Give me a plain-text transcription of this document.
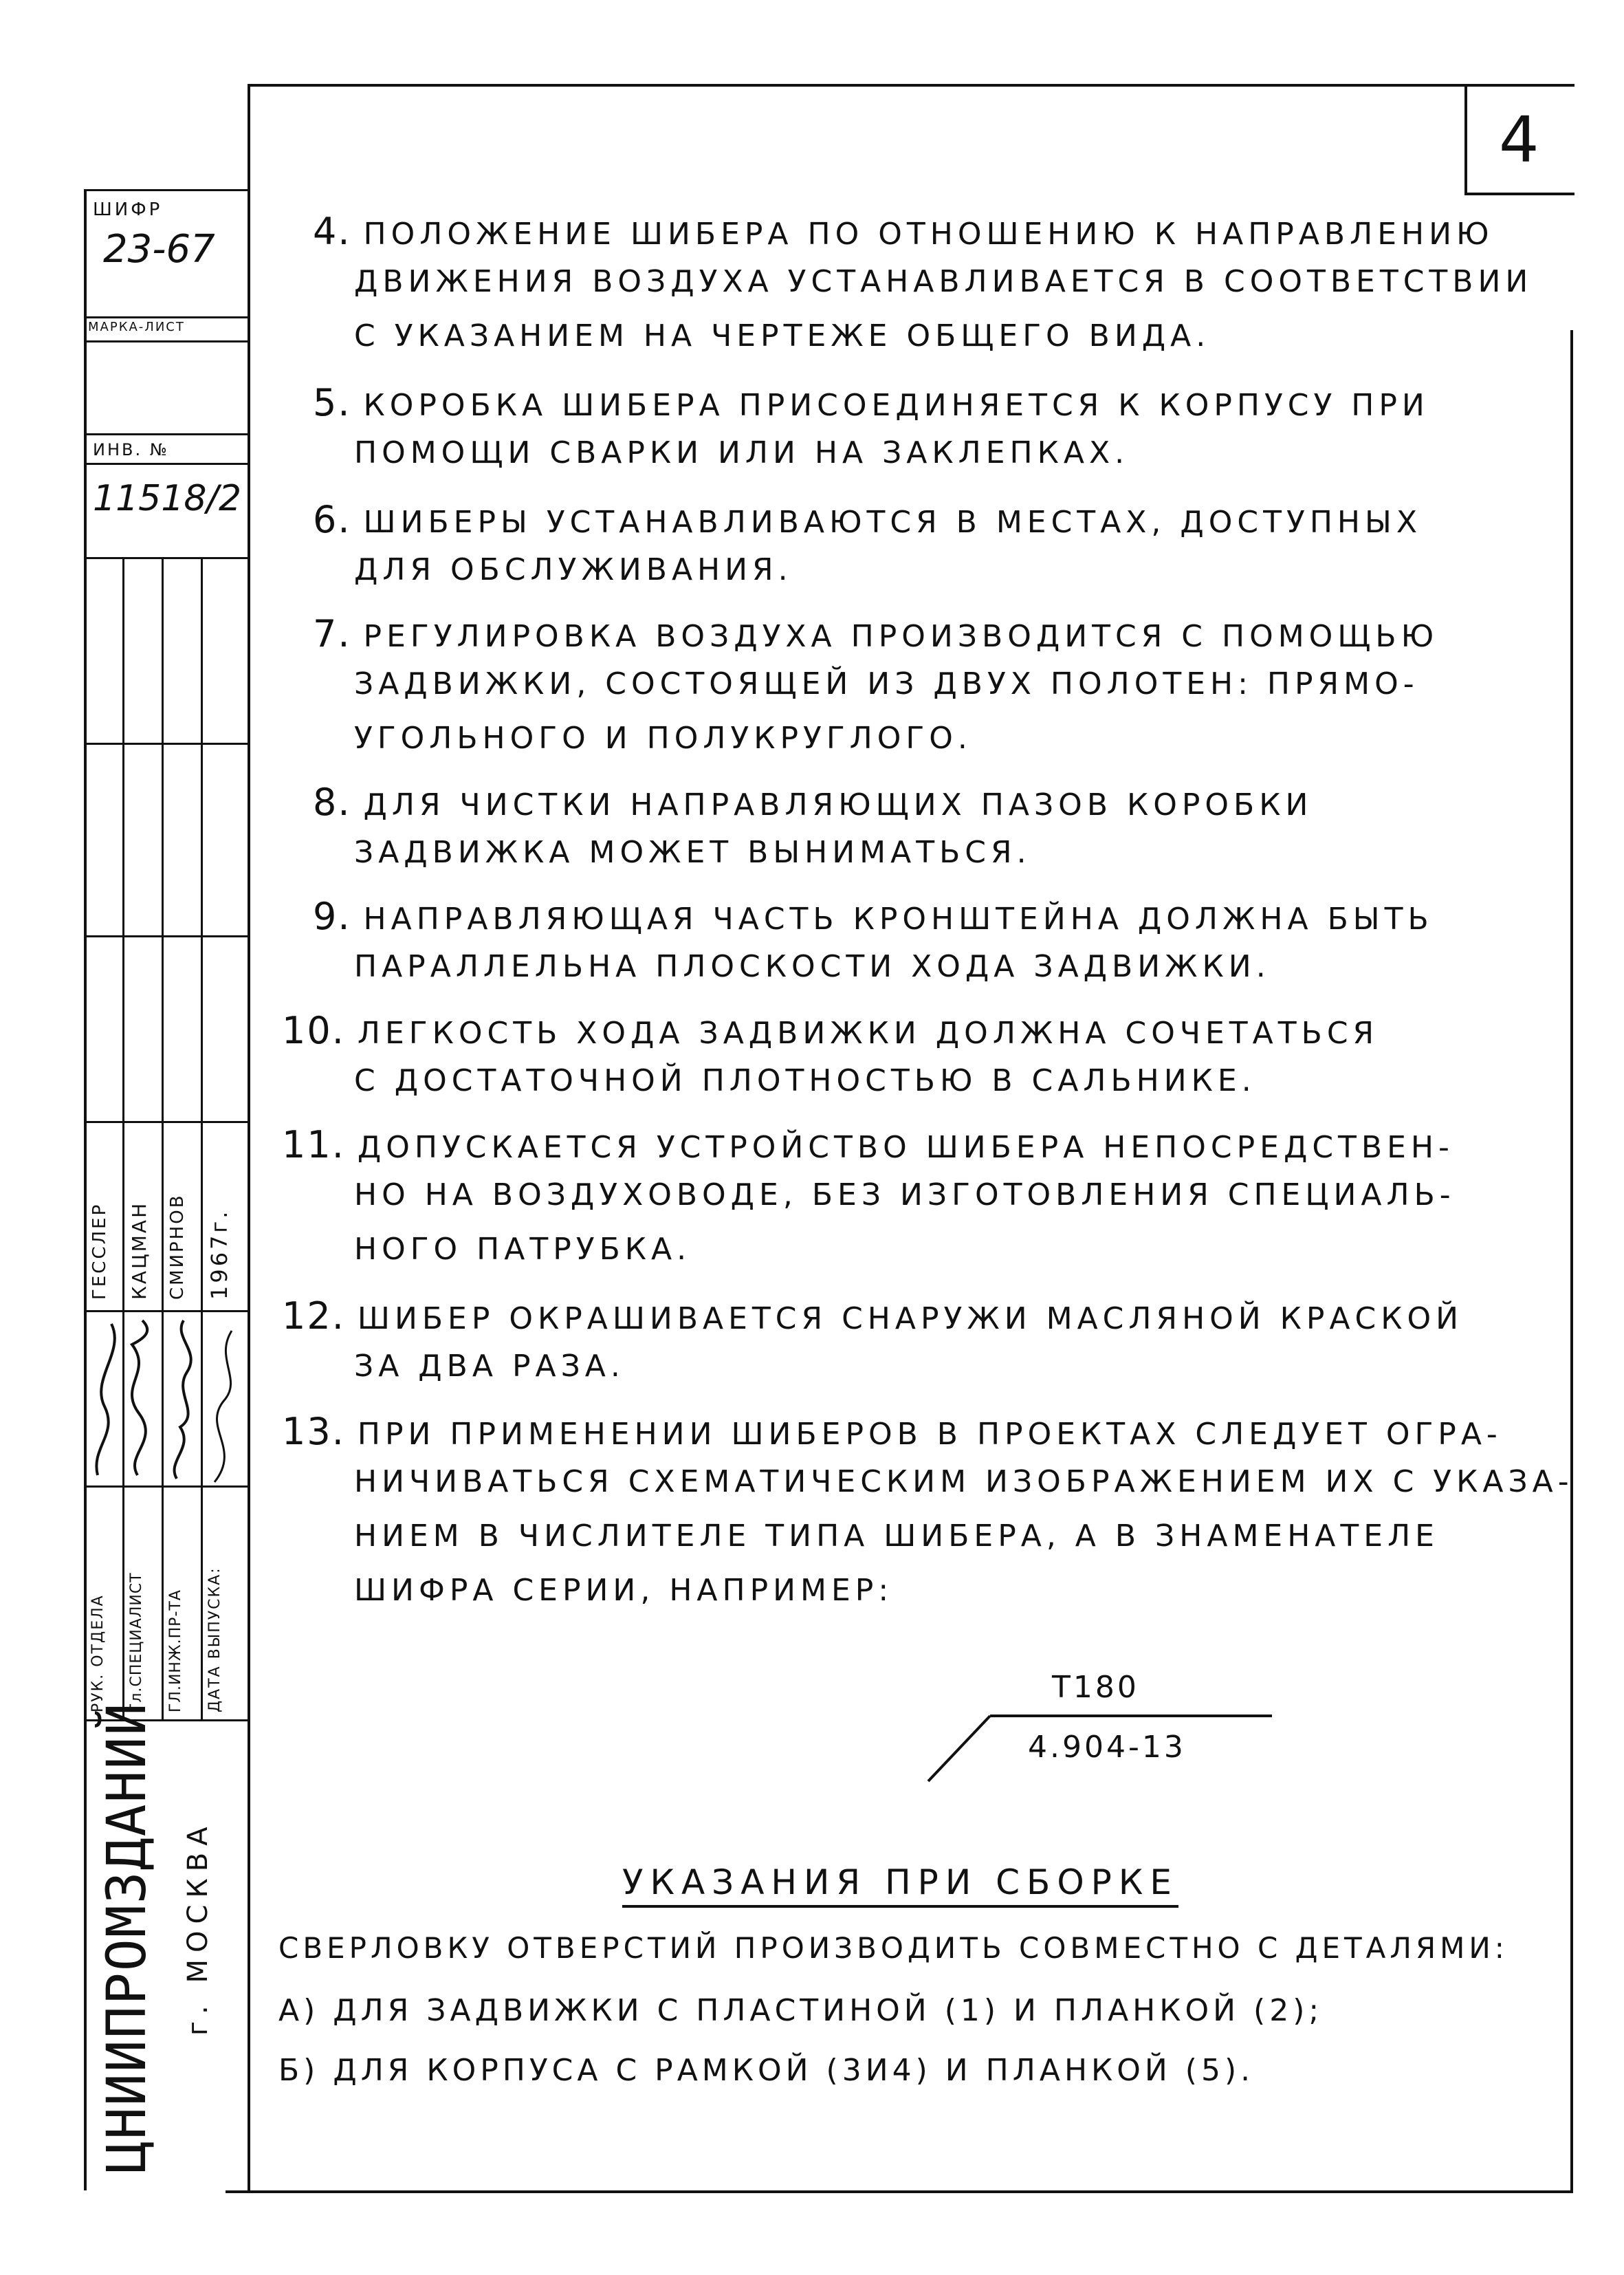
4
ШИФР
23-67
МАРКА-ЛИСТ
ИНВ. №
11518/2
РУК. ОТДЕЛА Гл.СПЕЦИАЛИСТ ГЛ.ИНЖ.ПР-ТА ДАТА ВЫПУСКА:
ГЕССЛЕР КАЦМАН СМИРНОВ 1967г.
ЦНИИПРОМЗДАНИЙ г. МОСКВА
4. ПОЛОЖЕНИЕ ШИБЕРА ПО ОТНОШЕНИЮ К НАПРАВЛЕНИЮ
ДВИЖЕНИЯ ВОЗДУХА УСТАНАВЛИВАЕТСЯ В СООТВЕТСТВИИ
С УКАЗАНИЕМ НА ЧЕРТЕЖЕ ОБЩЕГО ВИДА.
5. КОРОБКА ШИБЕРА ПРИСОЕДИНЯЕТСЯ К КОРПУСУ ПРИ
ПОМОЩИ СВАРКИ ИЛИ НА ЗАКЛЕПКАХ.
6. ШИБЕРЫ УСТАНАВЛИВАЮТСЯ В МЕСТАХ, ДОСТУПНЫХ
ДЛЯ ОБСЛУЖИВАНИЯ.
7. РЕГУЛИРОВКА ВОЗДУХА ПРОИЗВОДИТСЯ С ПОМОЩЬЮ
ЗАДВИЖКИ, СОСТОЯЩЕЙ ИЗ ДВУХ ПОЛОТЕН: ПРЯМО-
УГОЛЬНОГО И ПОЛУКРУГЛОГО.
8. ДЛЯ ЧИСТКИ НАПРАВЛЯЮЩИХ ПАЗОВ КОРОБКИ
ЗАДВИЖКА МОЖЕТ ВЫНИМАТЬСЯ.
9. НАПРАВЛЯЮЩАЯ ЧАСТЬ КРОНШТЕЙНА ДОЛЖНА БЫТЬ
ПАРАЛЛЕЛЬНА ПЛОСКОСТИ ХОДА ЗАДВИЖКИ.
10. ЛЕГКОСТЬ ХОДА ЗАДВИЖКИ ДОЛЖНА СОЧЕТАТЬСЯ
С ДОСТАТОЧНОЙ ПЛОТНОСТЬЮ В САЛЬНИКЕ.
11. ДОПУСКАЕТСЯ УСТРОЙСТВО ШИБЕРА НЕПОСРЕДСТВЕН-
НО НА ВОЗДУХОВОДЕ, БЕЗ ИЗГОТОВЛЕНИЯ СПЕЦИАЛЬ-
НОГО ПАТРУБКА.
12. ШИБЕР ОКРАШИВАЕТСЯ СНАРУЖИ МАСЛЯНОЙ КРАСКОЙ
ЗА ДВА РАЗА.
13. ПРИ ПРИМЕНЕНИИ ШИБЕРОВ В ПРОЕКТАХ СЛЕДУЕТ ОГРА-
НИЧИВАТЬСЯ СХЕМАТИЧЕСКИМ ИЗОБРАЖЕНИЕМ ИХ С УКАЗА-
НИЕМ В ЧИСЛИТЕЛЕ ТИПА ШИБЕРА, А В ЗНАМЕНАТЕЛЕ
ШИФРА СЕРИИ, НАПРИМЕР:
Т180
4.904-13
УКАЗАНИЯ ПРИ СБОРКЕ
СВЕРЛОВКУ ОТВЕРСТИЙ ПРОИЗВОДИТЬ СОВМЕСТНО С ДЕТАЛЯМИ:
А) ДЛЯ ЗАДВИЖКИ С ПЛАСТИНОЙ (1) И ПЛАНКОЙ (2);
Б) ДЛЯ КОРПУСА С РАМКОЙ (3И4) И ПЛАНКОЙ (5).
